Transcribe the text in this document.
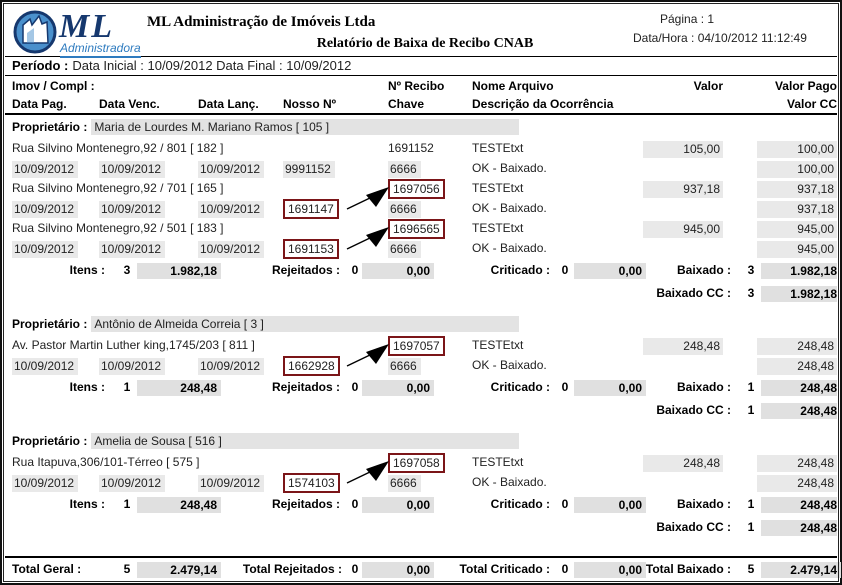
ML
Administradora
ML Administração de Imóveis Ltda
Relatório de Baixa de Recibo CNAB
Página : 1
Data/Hora : 04/10/2012 11:12:49
Período : Data Inicial : 10/09/2012 Data Final : 10/09/2012
Imov / Compl :	Nº Recibo Nome Arquivo	Valor	Valor Pago
Data Pag.	Data Venc.	Data Lanç. Nosso Nº	Chave	Descrição da Ocorrência	Valor CC
Proprietário : Maria de Lourdes M. Mariano Ramos [ 105 ]
Rua Silvino Montenegro,92 / 801 [ 182 ]	1691152	TESTEtxt	105,00	100,00
10/09/2012	10/09/2012	10/09/2012	9991152	6666	OK - Baixado.	100,00
Rua Silvino Montenegro,92 / 701 [ 165 ]	1697056	TESTEtxt	937,18	937,18
10/09/2012	10/09/2012	10/09/2012	1691147	6666	OK - Baixado.	937,18
Rua Silvino Montenegro,92 / 501 [ 183 ]	1696565	TESTEtxt	945,00	945,00
10/09/2012	10/09/2012	10/09/2012	1691153	6666	OK - Baixado.	945,00
Itens :	3	1.982,18	Rejeitados : 0	0,00	Criticado : 0	0,00	Baixado :	3	1.982,18
Baixado CC :	3	1.982,18
Proprietário : Antônio de Almeida Correia [ 3 ]
Av. Pastor Martin Luther king,1745/203 [ 811 ]	1697057	TESTEtxt	248,48	248,48
10/09/2012	10/09/2012	10/09/2012	1662928	6666	OK - Baixado.	248,48
Itens :	1	248,48	Rejeitados : 0	0,00	Criticado : 0	0,00	Baixado :	1	248,48
Baixado CC :	1	248,48
Proprietário : Amelia de Sousa [ 516 ]
Rua Itapuva,306/101-Térreo [ 575 ]	1697058	TESTEtxt	248,48	248,48
10/09/2012	10/09/2012	10/09/2012	1574103	6666	OK - Baixado.	248,48
Itens :	1	248,48	Rejeitados : 0	0,00	Criticado : 0	0,00	Baixado :	1	248,48
Baixado CC :	1	248,48
Total Geral :	5	2.479,14	Total Rejeitados : 0	0,00	Total Criticado : 0	0,00 Total Baixado :	5	2.479,14
